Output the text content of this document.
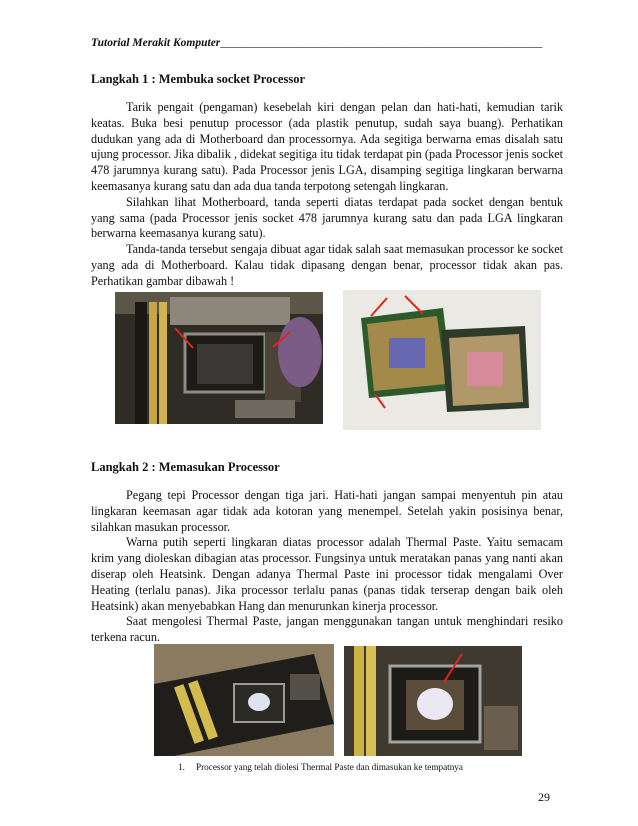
Tutorial Merakit Komputer________________________________________________________
Langkah 1 : Membuka socket Processor

Tarik pengait (pengaman) kesebelah kiri dengan pelan dan hati-hati, kemudian tarik keatas. Buka besi penutup processor (ada plastik penutup, sudah saya buang). Perhatikan dudukan yang ada di Motherboard dan processornya. Ada segitiga berwarna emas disalah satu ujung processor. Jika dibalik , didekat segitiga itu tidak terdapat pin (pada Processor jenis socket 478 jarumnya kurang satu). Pada Processor jenis LGA, disamping segitiga lingkaran berwarna keemasanya kurang satu dan ada dua tanda terpotong setengah lingkaran.

Silahkan lihat Motherboard, tanda seperti diatas terdapat pada socket dengan bentuk yang sama (pada Processor jenis socket 478 jarumnya kurang satu dan pada LGA lingkaran berwarna keemasanya kurang satu).

Tanda-tanda tersebut sengaja dibuat agar tidak salah saat memasukan processor ke socket yang ada di Motherboard. Kalau tidak dipasang dengan benar, processor tidak akan pas. Perhatikan gambar dibawah !

Langkah 2 : Memasukan Processor

Pegang tepi Processor dengan tiga jari. Hati-hati jangan sampai menyentuh pin atau lingkaran keemasan agar tidak ada kotoran yang menempel. Setelah yakin posisinya benar, silahkan masukan processor.

Warna putih seperti lingkaran diatas processor adalah Thermal Paste. Yaitu semacam krim yang dioleskan dibagian atas processor. Fungsinya untuk meratakan panas yang nanti akan diserap oleh Heatsink. Dengan adanya Thermal Paste ini processor tidak mengalami Over Heating (terlalu panas). Jika processor terlalu panas (panas tidak terserap dengan baik oleh Heatsink) akan menyebabkan Hang dan menurunkan kinerja processor.

Saat mengolesi Thermal Paste, jangan menggunakan tangan untuk menghindari resiko terkena racun.

1. Processor yang telah diolesi Thermal Paste dan dimasukan ke tempatnya
29
